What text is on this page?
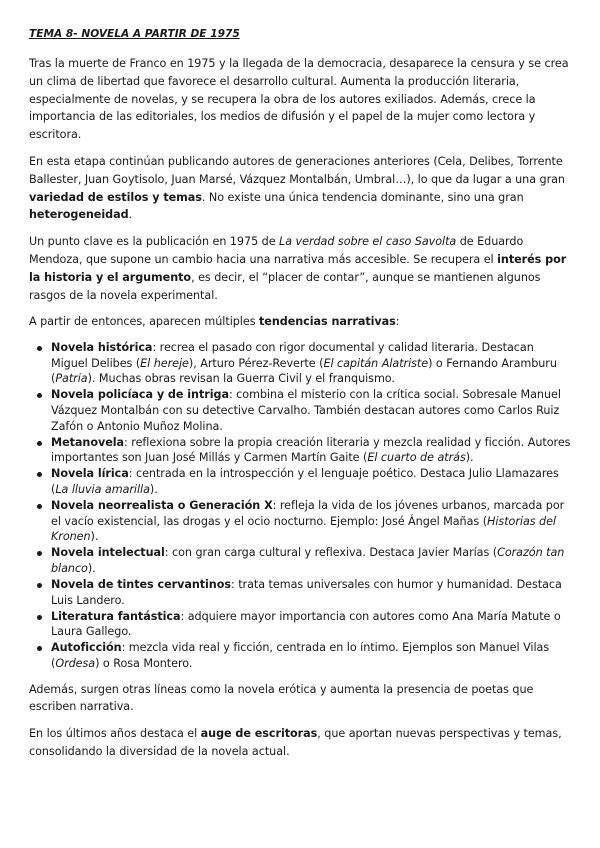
TEMA 8- NOVELA A PARTIR DE 1975

Tras la muerte de Franco en 1975 y la llegada de la democracia, desaparece la censura y se crea un clima de libertad que favorece el desarrollo cultural. Aumenta la producción literaria, especialmente de novelas, y se recupera la obra de los autores exiliados. Además, crece la importancia de las editoriales, los medios de difusión y el papel de la mujer como lectora y escritora.

En esta etapa continúan publicando autores de generaciones anteriores (Cela, Delibes, Torrente Ballester, Juan Goytisolo, Juan Marsé, Vázquez Montalbán, Umbral…), lo que da lugar a una gran variedad de estilos y temas. No existe una única tendencia dominante, sino una gran heterogeneidad.

Un punto clave es la publicación en 1975 de La verdad sobre el caso Savolta de Eduardo Mendoza, que supone un cambio hacia una narrativa más accesible. Se recupera el interés por la historia y el argumento, es decir, el “placer de contar”, aunque se mantienen algunos rasgos de la novela experimental.

A partir de entonces, aparecen múltiples tendencias narrativas:

Novela histórica: recrea el pasado con rigor documental y calidad literaria. Destacan Miguel Delibes (El hereje), Arturo Pérez-Reverte (El capitán Alatriste) o Fernando Aramburu (Patria). Muchas obras revisan la Guerra Civil y el franquismo.
Novela policíaca y de intriga: combina el misterio con la crítica social. Sobresale Manuel Vázquez Montalbán con su detective Carvalho. También destacan autores como Carlos Ruiz Zafón o Antonio Muñoz Molina.
Metanovela: reflexiona sobre la propia creación literaria y mezcla realidad y ficción. Autores importantes son Juan José Millás y Carmen Martín Gaite (El cuarto de atrás).
Novela lírica: centrada en la introspección y el lenguaje poético. Destaca Julio Llamazares (La lluvia amarilla).
Novela neorrealista o Generación X: refleja la vida de los jóvenes urbanos, marcada por el vacío existencial, las drogas y el ocio nocturno. Ejemplo: José Ángel Mañas (Historias del Kronen).
Novela intelectual: con gran carga cultural y reflexiva. Destaca Javier Marías (Corazón tan blanco).
Novela de tintes cervantinos: trata temas universales con humor y humanidad. Destaca Luis Landero.
Literatura fantástica: adquiere mayor importancia con autores como Ana María Matute o Laura Gallego.
Autoficción: mezcla vida real y ficción, centrada en lo íntimo. Ejemplos son Manuel Vilas (Ordesa) o Rosa Montero.

Además, surgen otras líneas como la novela erótica y aumenta la presencia de poetas que escriben narrativa.

En los últimos años destaca el auge de escritoras, que aportan nuevas perspectivas y temas, consolidando la diversidad de la novela actual.
